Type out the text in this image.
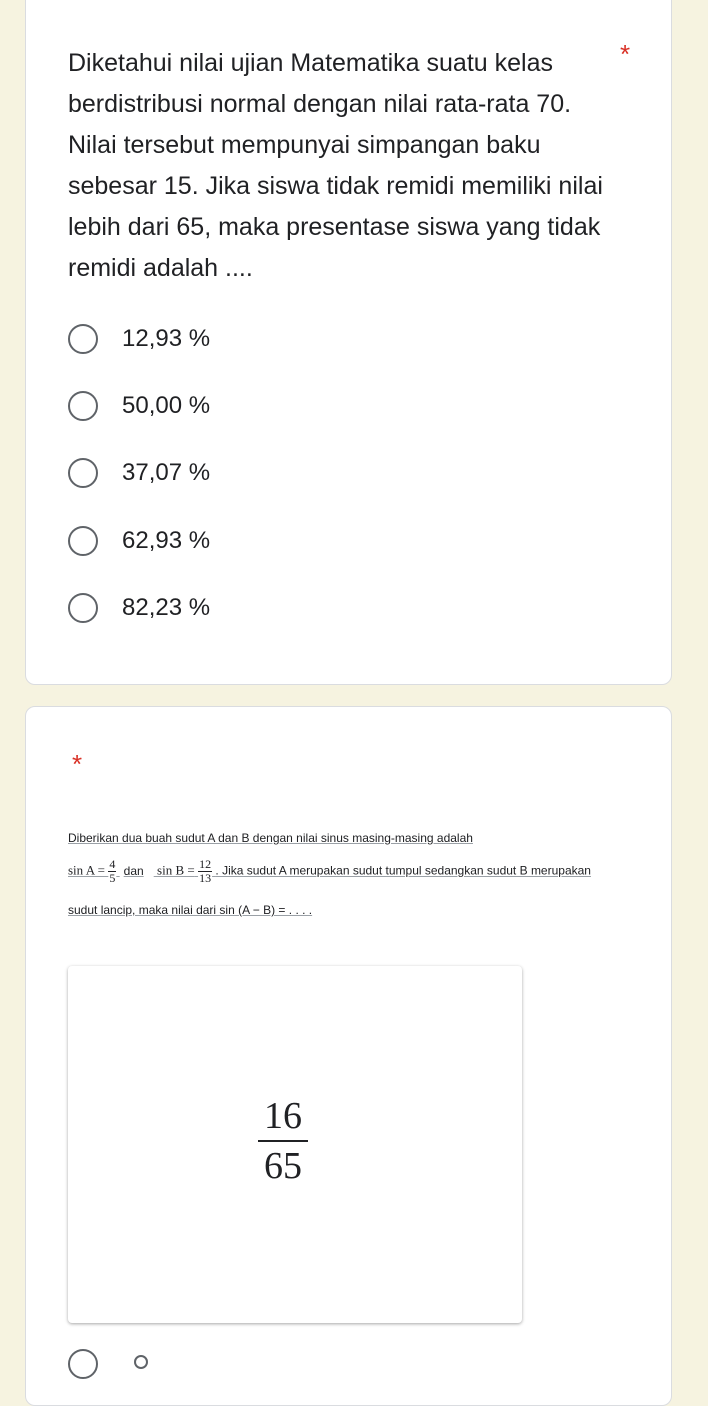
Diketahui nilai ujian Matematika suatu kelas berdistribusi normal dengan nilai rata-rata 70. Nilai tersebut mempunyai simpangan baku sebesar 15. Jika siswa tidak remidi memiliki nilai lebih dari 65, maka presentase siswa yang tidak remidi adalah ....
*
12,93 %
50,00 %
37,07 %
62,93 %
82,23 %
*
Diberikan dua buah sudut A dan B dengan nilai sinus masing-masing adalah
$\sin A = \frac{4}{5}$ dan $\sin B = \frac{12}{13}$ . Jika sudut A merupakan sudut tumpul sedangkan sudut B merupakan
sudut lancip, maka nilai dari sin (A − B) = . . . .
$\frac{16}{65}$
